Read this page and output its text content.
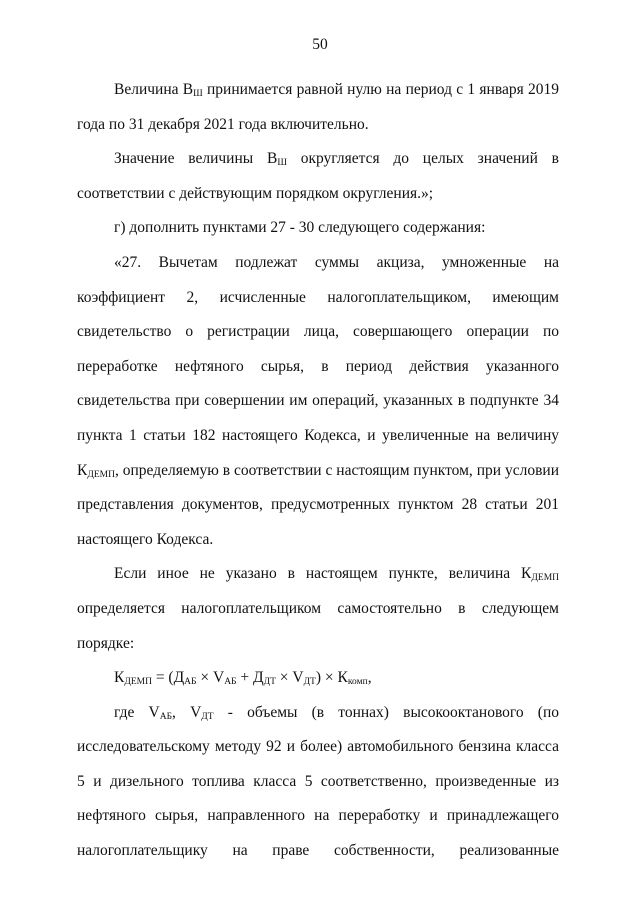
50

Величина $В_Ш$ принимается равной нулю на период с 1 января 2019 года по 31 декабря 2021 года включительно.

Значение величины $В_Ш$ округляется до целых значений в соответствии с действующим порядком округления.»;

г) дополнить пунктами 27 - 30 следующего содержания:

«27. Вычетам подлежат суммы акциза, умноженные на коэффициент 2, исчисленные налогоплательщиком, имеющим свидетельство о регистрации лица, совершающего операции по переработке нефтяного сырья, в период действия указанного свидетельства при совершении им операций, указанных в подпункте 34 пункта 1 статьи 182 настоящего Кодекса, и увеличенные на величину $К_{ДЕМП}$, определяемую в соответствии с настоящим пунктом, при условии представления документов, предусмотренных пунктом 28 статьи 201 настоящего Кодекса.

Если иное не указано в настоящем пункте, величина $К_{ДЕМП}$ определяется налогоплательщиком самостоятельно в следующем порядке:

$К_{ДЕМП} = (Д_{АБ} \times V_{АБ} + Д_{ДТ} \times V_{ДТ}) \times К_{комп}$,

где $V_{АБ}$, $V_{ДТ}$ - объемы (в тоннах) высокооктанового (по исследовательскому методу 92 и более) автомобильного бензина класса 5 и дизельного топлива класса 5 соответственно, произведенные из нефтяного сырья, направленного на переработку и принадлежащего налогоплательщику на праве собственности, реализованные
